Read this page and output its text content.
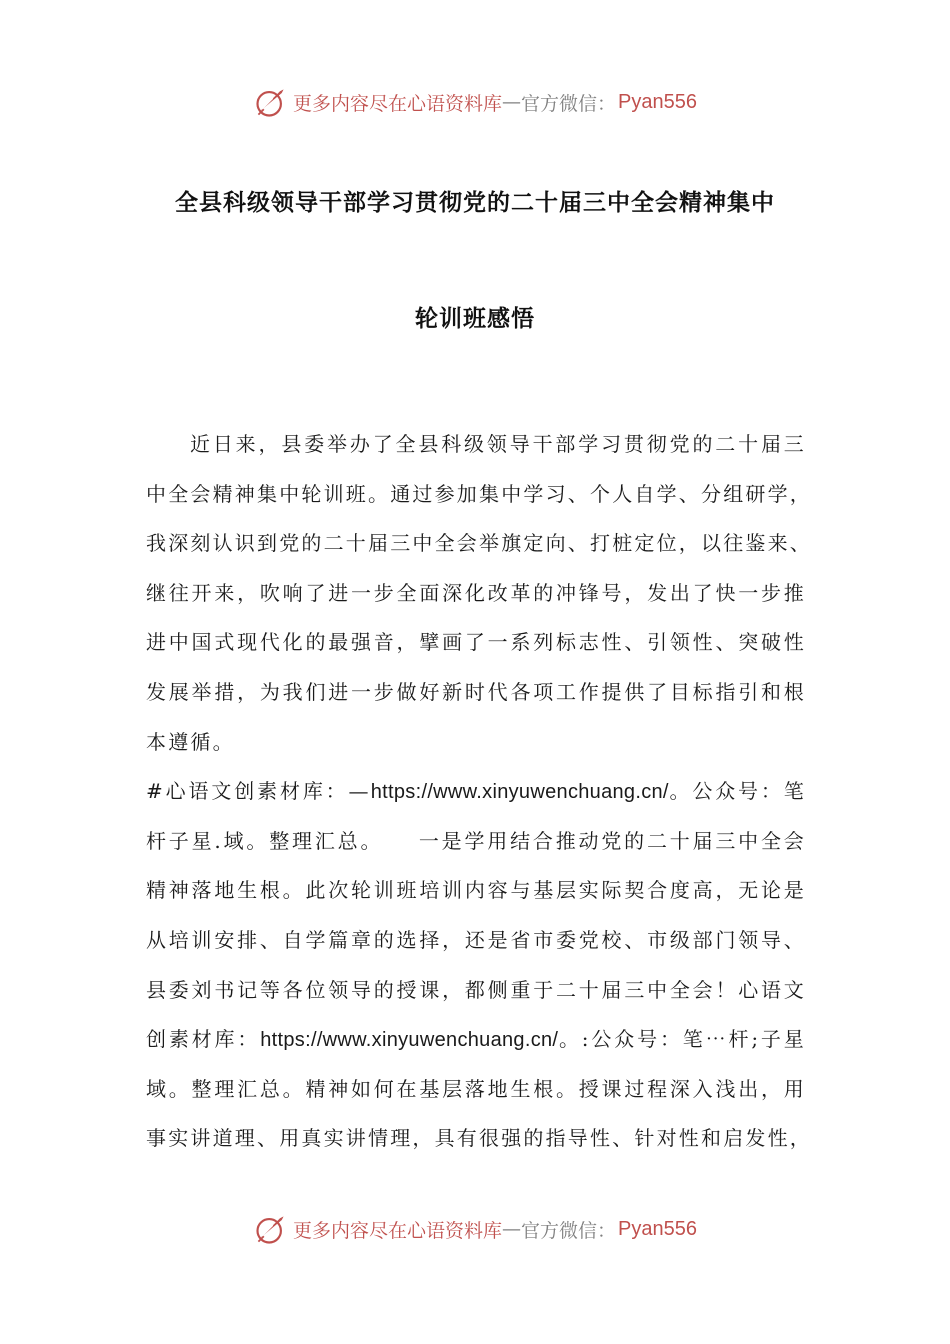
更多内容尽在心语资料库 — 官方微信： Pyan556
全县科级领导干部学习贯彻党的二十届三中全会精神集中
轮训班感悟
近日来，县委举办了全县科级领导干部学习贯彻党的二十届三
中全会精神集中轮训班。通过参加集中学习、个人自学、分组研学，
我深刻认识到党的二十届三中全会举旗定向、打桩定位，以往鉴来、
继往开来，吹响了进一步全面深化改革的冲锋号，发出了快一步推
进中国式现代化的最强音，擘画了一系列标志性、引领性、突破性
发展举措，为我们进一步做好新时代各项工作提供了目标指引和根
本遵循。
#心语文创素材库：—https://www.xinyuwenchuang.cn/。公众号：笔
杆子星.域。整理汇总。　　一是学用结合推动党的二十届三中全会
精神落地生根。此次轮训班培训内容与基层实际契合度高，无论是
从培训安排、自学篇章的选择，还是省市委党校、市级部门领导、
县委刘书记等各位领导的授课，都侧重于二十届三中全会！心语文
创素材库：https://www.xinyuwenchuang.cn/。:公众号：笔⋯杆;子星
域。整理汇总。精神如何在基层落地生根。授课过程深入浅出，用
事实讲道理、用真实讲情理，具有很强的指导性、针对性和启发性，
更多内容尽在心语资料库 — 官方微信： Pyan556
